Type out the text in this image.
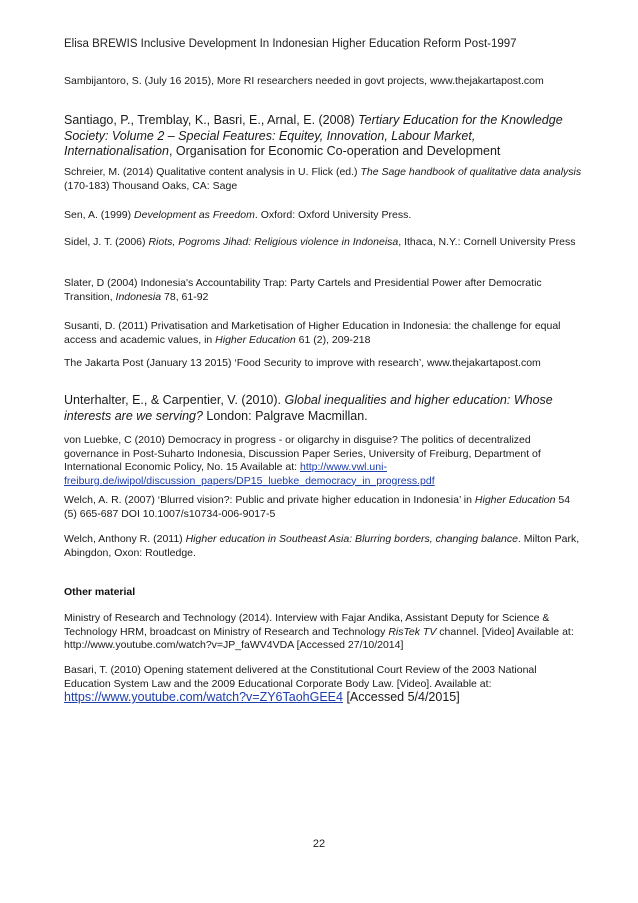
Elisa BREWIS Inclusive Development In Indonesian Higher Education Reform Post-1997
Sambijantoro, S. (July 16 2015), More RI researchers needed in govt projects, www.thejakartapost.com
Santiago, P., Tremblay, K., Basri, E., Arnal, E. (2008) Tertiary Education for the Knowledge Society: Volume 2 – Special Features: Equitey, Innovation, Labour Market, Internationalisation, Organisation for Economic Co-operation and Development
Schreier, M. (2014) Qualitative content analysis in U. Flick (ed.) The Sage handbook of qualitative data analysis (170-183) Thousand Oaks, CA: Sage
Sen, A. (1999) Development as Freedom. Oxford: Oxford University Press.
Sidel, J. T. (2006) Riots, Pogroms Jihad: Religious violence in Indoneisa, Ithaca, N.Y.: Cornell University Press
Slater, D (2004) Indonesia's Accountability Trap: Party Cartels and Presidential Power after Democratic Transition, Indonesia 78, 61-92
Susanti, D. (2011) Privatisation and Marketisation of Higher Education in Indonesia: the challenge for equal access and academic values, in Higher Education 61 (2), 209-218
The Jakarta Post (January 13 2015) ‘Food Security to improve with research’, www.thejakartapost.com
Unterhalter, E., & Carpentier, V. (2010). Global inequalities and higher education: Whose interests are we serving? London: Palgrave Macmillan.
von Luebke, C (2010) Democracy in progress - or oligarchy in disguise? The politics of decentralized governance in Post-Suharto Indonesia, Discussion Paper Series, University of Freiburg, Department of International Economic Policy, No. 15 Available at: http://www.vwl.uni-freiburg.de/iwipol/discussion_papers/DP15_luebke_democracy_in_progress.pdf
Welch, A. R. (2007) ‘Blurred vision?: Public and private higher education in Indonesia’ in Higher Education 54 (5) 665-687 DOI 10.1007/s10734-006-9017-5
Welch, Anthony R. (2011) Higher education in Southeast Asia: Blurring borders, changing balance. Milton Park, Abingdon, Oxon: Routledge.
Other material
Ministry of Research and Technology (2014). Interview with Fajar Andika, Assistant Deputy for Science & Technology HRM, broadcast on Ministry of Research and Technology RisTek TV channel. [Video] Available at: http://www.youtube.com/watch?v=JP_faWV4VDA [Accessed 27/10/2014]
Basari, T. (2010) Opening statement delivered at the Constitutional Court Review of the 2003 National Education System Law and the 2009 Educational Corporate Body Law. [Video]. Available at: https://www.youtube.com/watch?v=ZY6TaohGEE4 [Accessed 5/4/2015]
22
